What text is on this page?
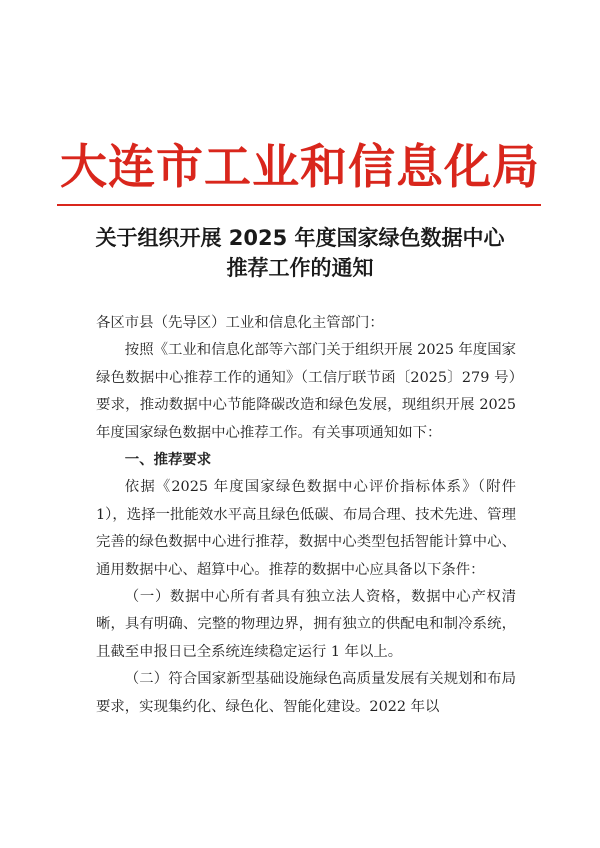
大连市工业和信息化局
关于组织开展 2025 年度国家绿色数据中心
推荐工作的通知

各区市县（先导区）工业和信息化主管部门：

按照《工业和信息化部等六部门关于组织开展 2025 年度国家绿色数据中心推荐工作的通知》（工信厅联节函〔2025〕279 号）要求，推动数据中心节能降碳改造和绿色发展，现组织开展 2025 年度国家绿色数据中心推荐工作。有关事项通知如下：

一、推荐要求

依据《2025 年度国家绿色数据中心评价指标体系》（附件 1），选择一批能效水平高且绿色低碳、布局合理、技术先进、管理完善的绿色数据中心进行推荐，数据中心类型包括智能计算中心、通用数据中心、超算中心。推荐的数据中心应具备以下条件：

（一）数据中心所有者具有独立法人资格，数据中心产权清晰，具有明确、完整的物理边界，拥有独立的供配电和制冷系统，且截至申报日已全系统连续稳定运行 1 年以上。

（二）符合国家新型基础设施绿色高质量发展有关规划和布局要求，实现集约化、绿色化、智能化建设。2022 年以
